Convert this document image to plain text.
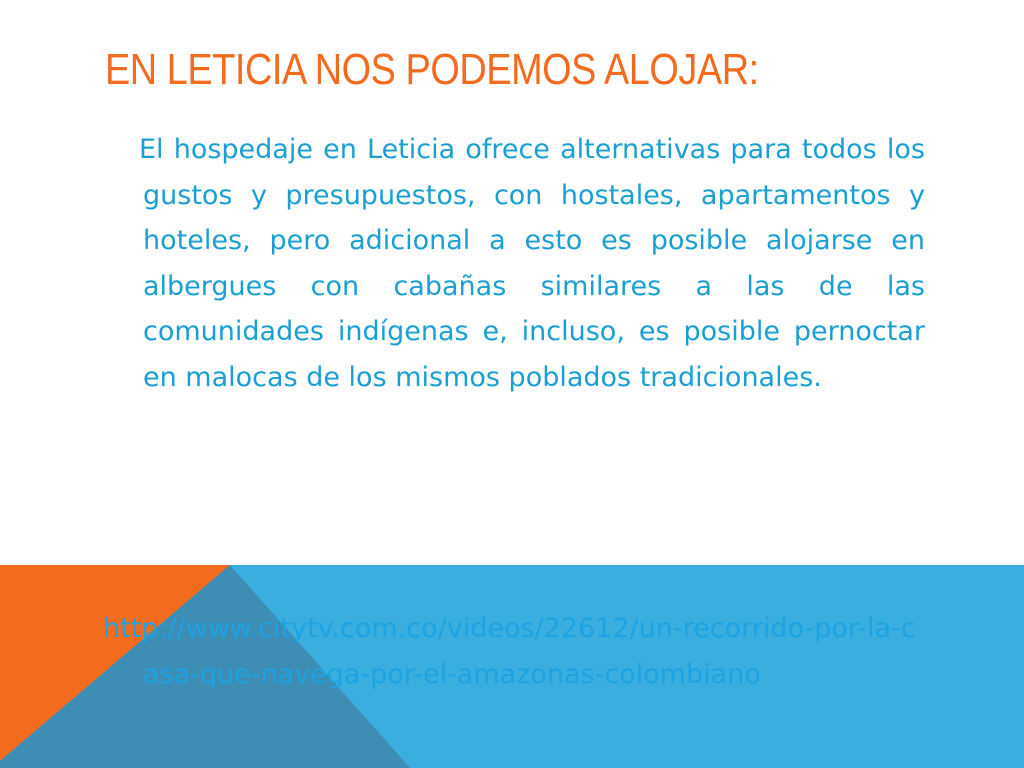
EN LETICIA NOS PODEMOS ALOJAR:

El hospedaje en Leticia ofrece alternativas para todos los gustos y presupuestos, con hostales, apartamentos y hoteles, pero adicional a esto es posible alojarse en albergues con cabañas similares a las de las comunidades indígenas e, incluso, es posible pernoctar en malocas de los mismos poblados tradicionales.

http://www.citytv.com.co/videos/22612/un-recorrido-por-la-casa-que-navega-por-el-amazonas-colombiano
